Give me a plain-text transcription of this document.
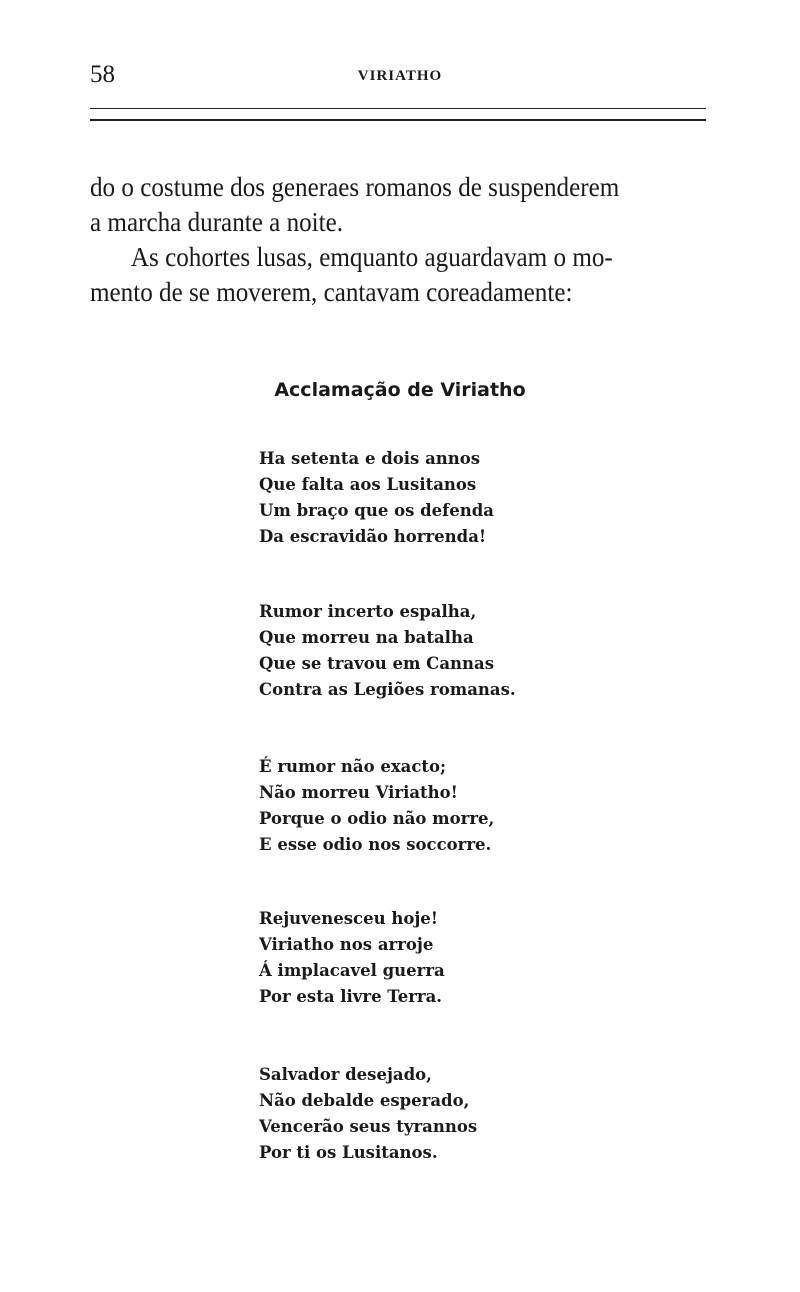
58	VIRIATHO
do o costume dos generaes romanos de suspenderem
a marcha durante a noite.
As cohortes lusas, emquanto aguardavam o mo-
mento de se moverem, cantavam coreadamente:
Acclamação de Viriatho
Ha setenta e dois annos
Que falta aos Lusitanos
Um braço que os defenda
Da escravidão horrenda!
Rumor incerto espalha,
Que morreu na batalha
Que se travou em Cannas
Contra as Legiões romanas.
É rumor não exacto;
Não morreu Viriatho!
Porque o odio não morre,
E esse odio nos soccorre.
Rejuvenesceu hoje!
Viriatho nos arroje
Á implacavel guerra
Por esta livre Terra.
Salvador desejado,
Não debalde esperado,
Vencerão seus tyrannos
Por ti os Lusitanos.
